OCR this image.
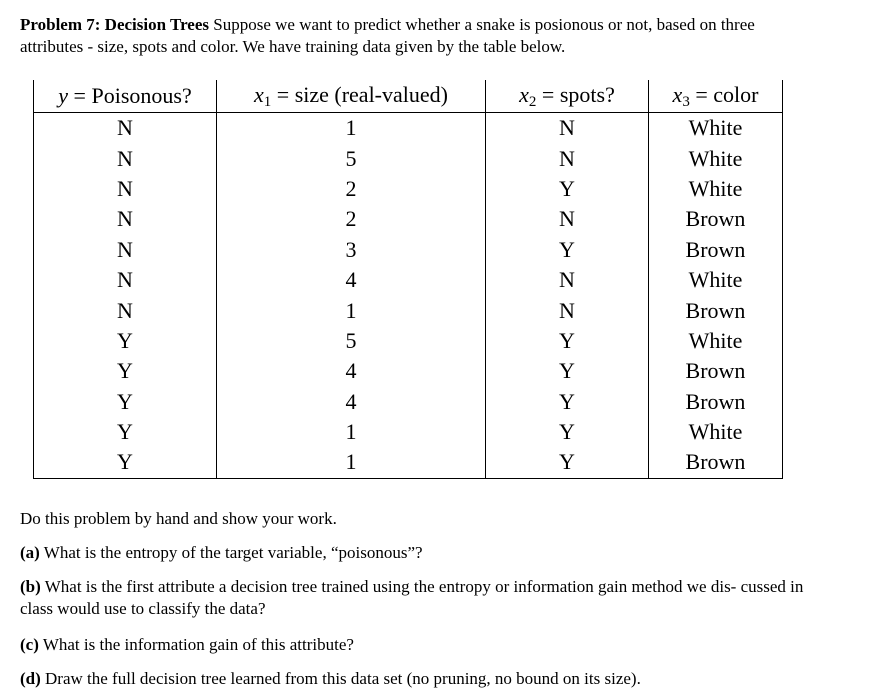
Problem 7: Decision Trees Suppose we want to predict whether a snake is posionous or not, based on three attributes - size, spots and color. We have training data given by the table below.
y = Poisonous?	$x_1$ = size (real-valued)	$x_2$ = spots?	$x_3$ = color
N	1	N	White
N	5	N	White
N	2	Y	White
N	2	N	Brown
N	3	Y	Brown
N	4	N	White
N	1	N	Brown
Y	5	Y	White
Y	4	Y	Brown
Y	4	Y	Brown
Y	1	Y	White
Y	1	Y	Brown
Do this problem by hand and show your work.
(a) What is the entropy of the target variable, “poisonous”?
(b) What is the first attribute a decision tree trained using the entropy or information gain method we dis- cussed in class would use to classify the data?
(c) What is the information gain of this attribute?
(d) Draw the full decision tree learned from this data set (no pruning, no bound on its size).
